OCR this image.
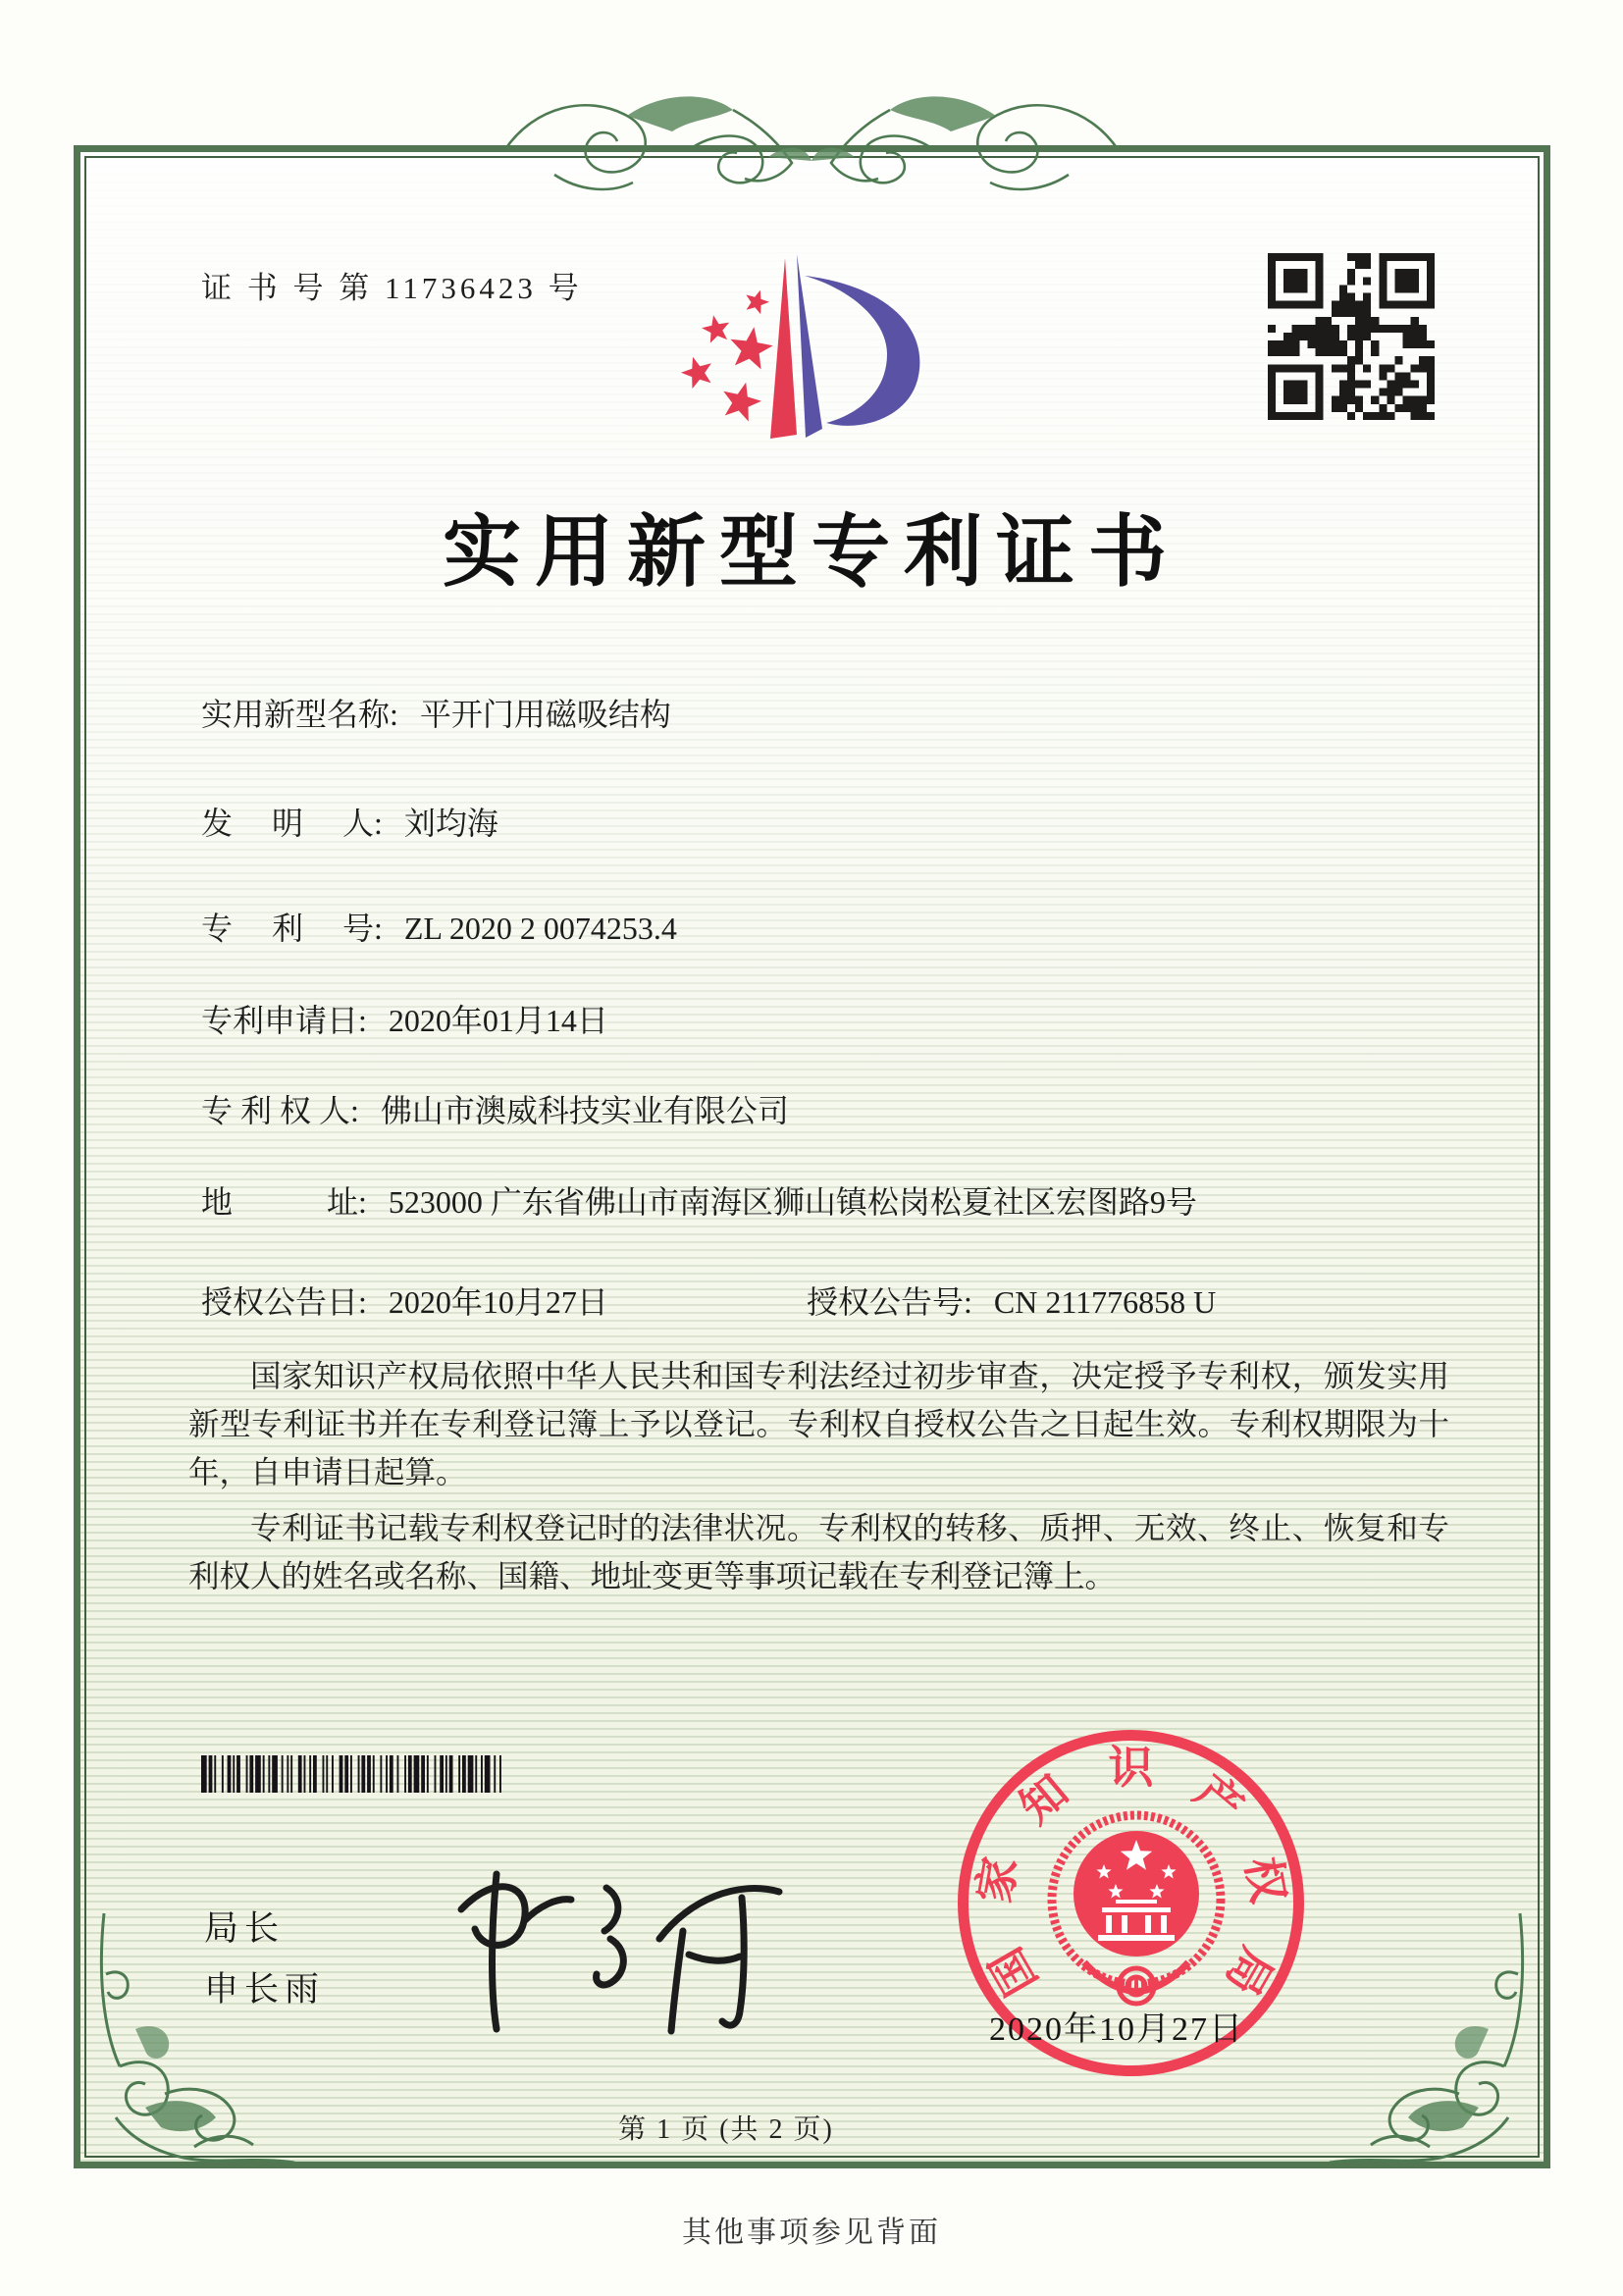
证 书 号 第 11736423 号
实用新型专利证书
实用新型名称: 平开门用磁吸结构
发　 明　 人: 刘均海
专　 利　 号: ZL 2020 2 0074253.4
专利申请日: 2020年01月14日
专 利 权 人: 佛山市澳威科技实业有限公司
地　　　址: 523000 广东省佛山市南海区狮山镇松岗松夏社区宏图路9号
授权公告日: 2020年10月27日	授权公告号: CN 211776858 U

国家知识产权局依照中华人民共和国专利法经过初步审查，决定授予专利权，颁发实用新型专利证书并在专利登记簿上予以登记。专利权自授权公告之日起生效。专利权期限为十年，自申请日起算。

专利证书记载专利权登记时的法律状况。专利权的转移、质押、无效、终止、恢复和专利权人的姓名或名称、国籍、地址变更等事项记载在专利登记簿上。

局长
申长雨	国
家
知 识 产
权
局
2020年10月27日
第 1 页 (共 2 页)
其他事项参见背面
